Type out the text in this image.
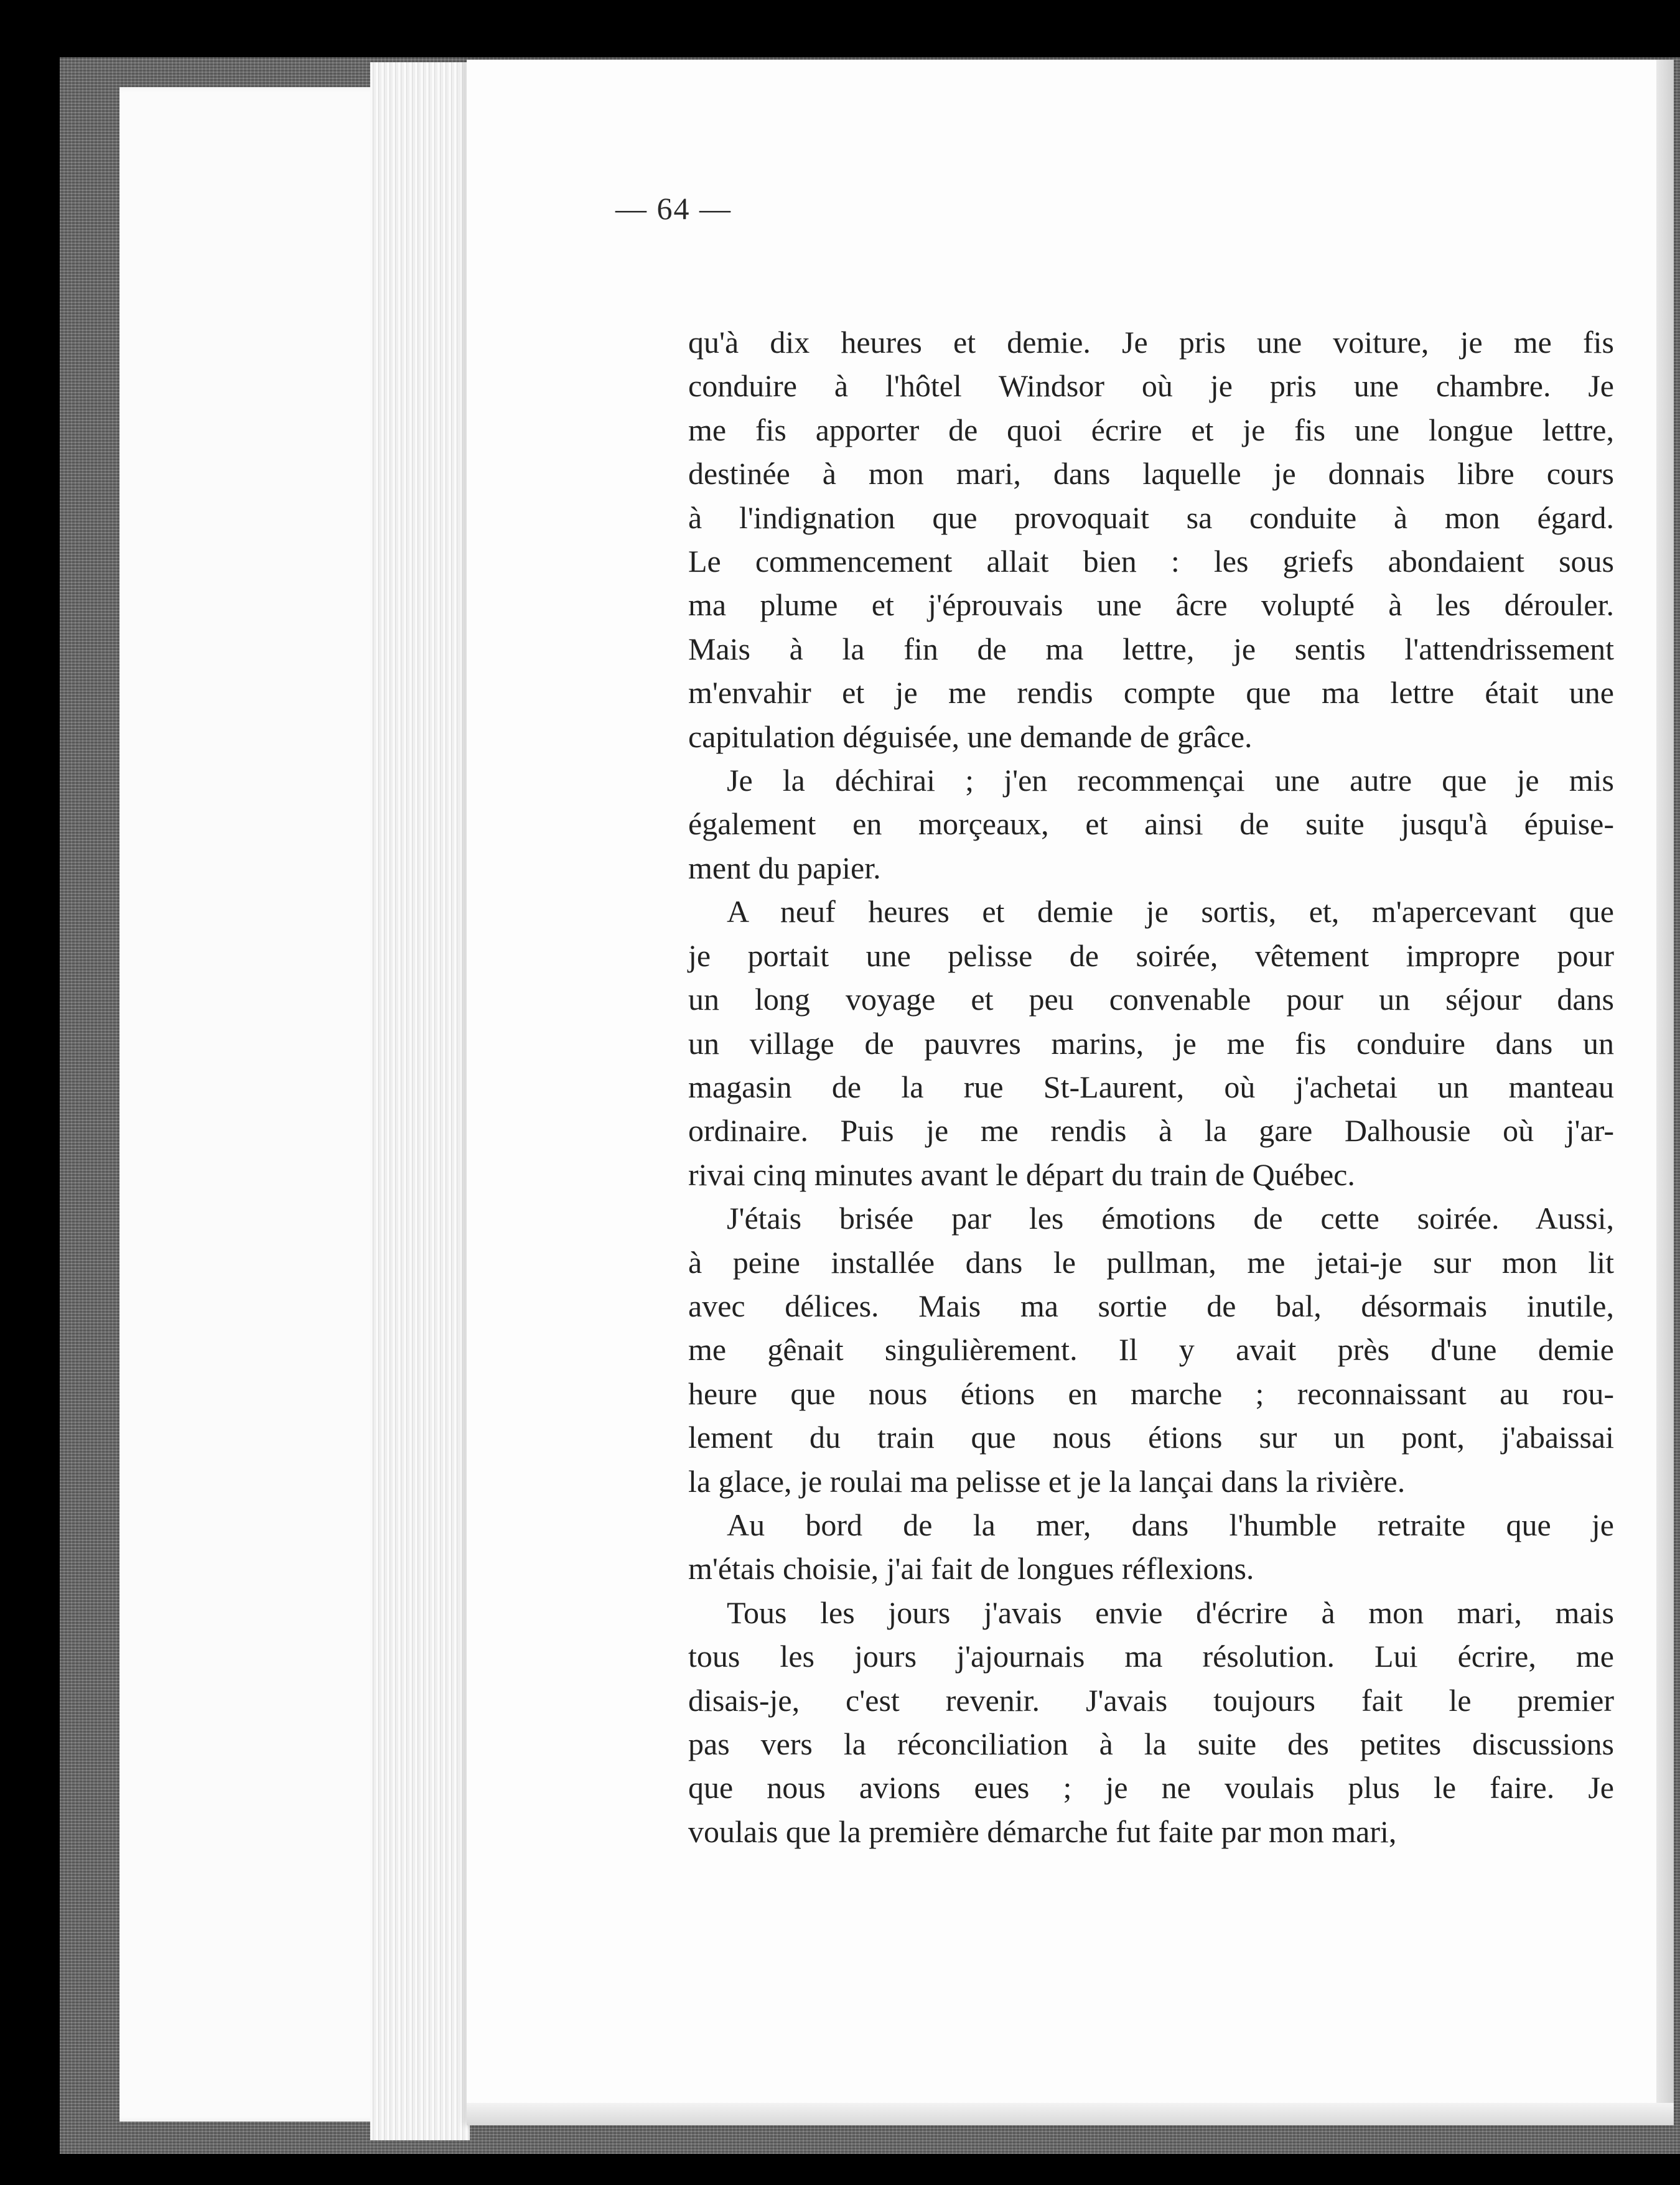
— 64 —
qu'à dix heures et demie. Je pris une voiture, je me fis
conduire à l'hôtel Windsor où je pris une chambre. Je
me fis apporter de quoi écrire et je fis une longue lettre,
destinée à mon mari, dans laquelle je donnais libre cours
à l'indignation que provoquait sa conduite à mon égard.
Le commencement allait bien : les griefs abondaient sous
ma plume et j'éprouvais une âcre volupté à les dérouler.
Mais à la fin de ma lettre, je sentis l'attendrissement
m'envahir et je me rendis compte que ma lettre était une
capitulation déguisée, une demande de grâce.
Je la déchirai ; j'en recommençai une autre que je mis
également en morçeaux, et ainsi de suite jusqu'à épuise-
ment du papier.
A neuf heures et demie je sortis, et, m'apercevant que
je portait une pelisse de soirée, vêtement impropre pour
un long voyage et peu convenable pour un séjour dans
un village de pauvres marins, je me fis conduire dans un
magasin de la rue St-Laurent, où j'achetai un manteau
ordinaire. Puis je me rendis à la gare Dalhousie où j'ar-
rivai cinq minutes avant le départ du train de Québec.
J'étais brisée par les émotions de cette soirée. Aussi,
à peine installée dans le pullman, me jetai-je sur mon lit
avec délices. Mais ma sortie de bal, désormais inutile,
me gênait singulièrement. Il y avait près d'une demie
heure que nous étions en marche ; reconnaissant au rou-
lement du train que nous étions sur un pont, j'abaissai
la glace, je roulai ma pelisse et je la lançai dans la rivière.
Au bord de la mer, dans l'humble retraite que je
m'étais choisie, j'ai fait de longues réflexions.
Tous les jours j'avais envie d'écrire à mon mari, mais
tous les jours j'ajournais ma résolution. Lui écrire, me
disais-je, c'est revenir. J'avais toujours fait le premier
pas vers la réconciliation à la suite des petites discussions
que nous avions eues ; je ne voulais plus le faire. Je
voulais que la première démarche fut faite par mon mari,
